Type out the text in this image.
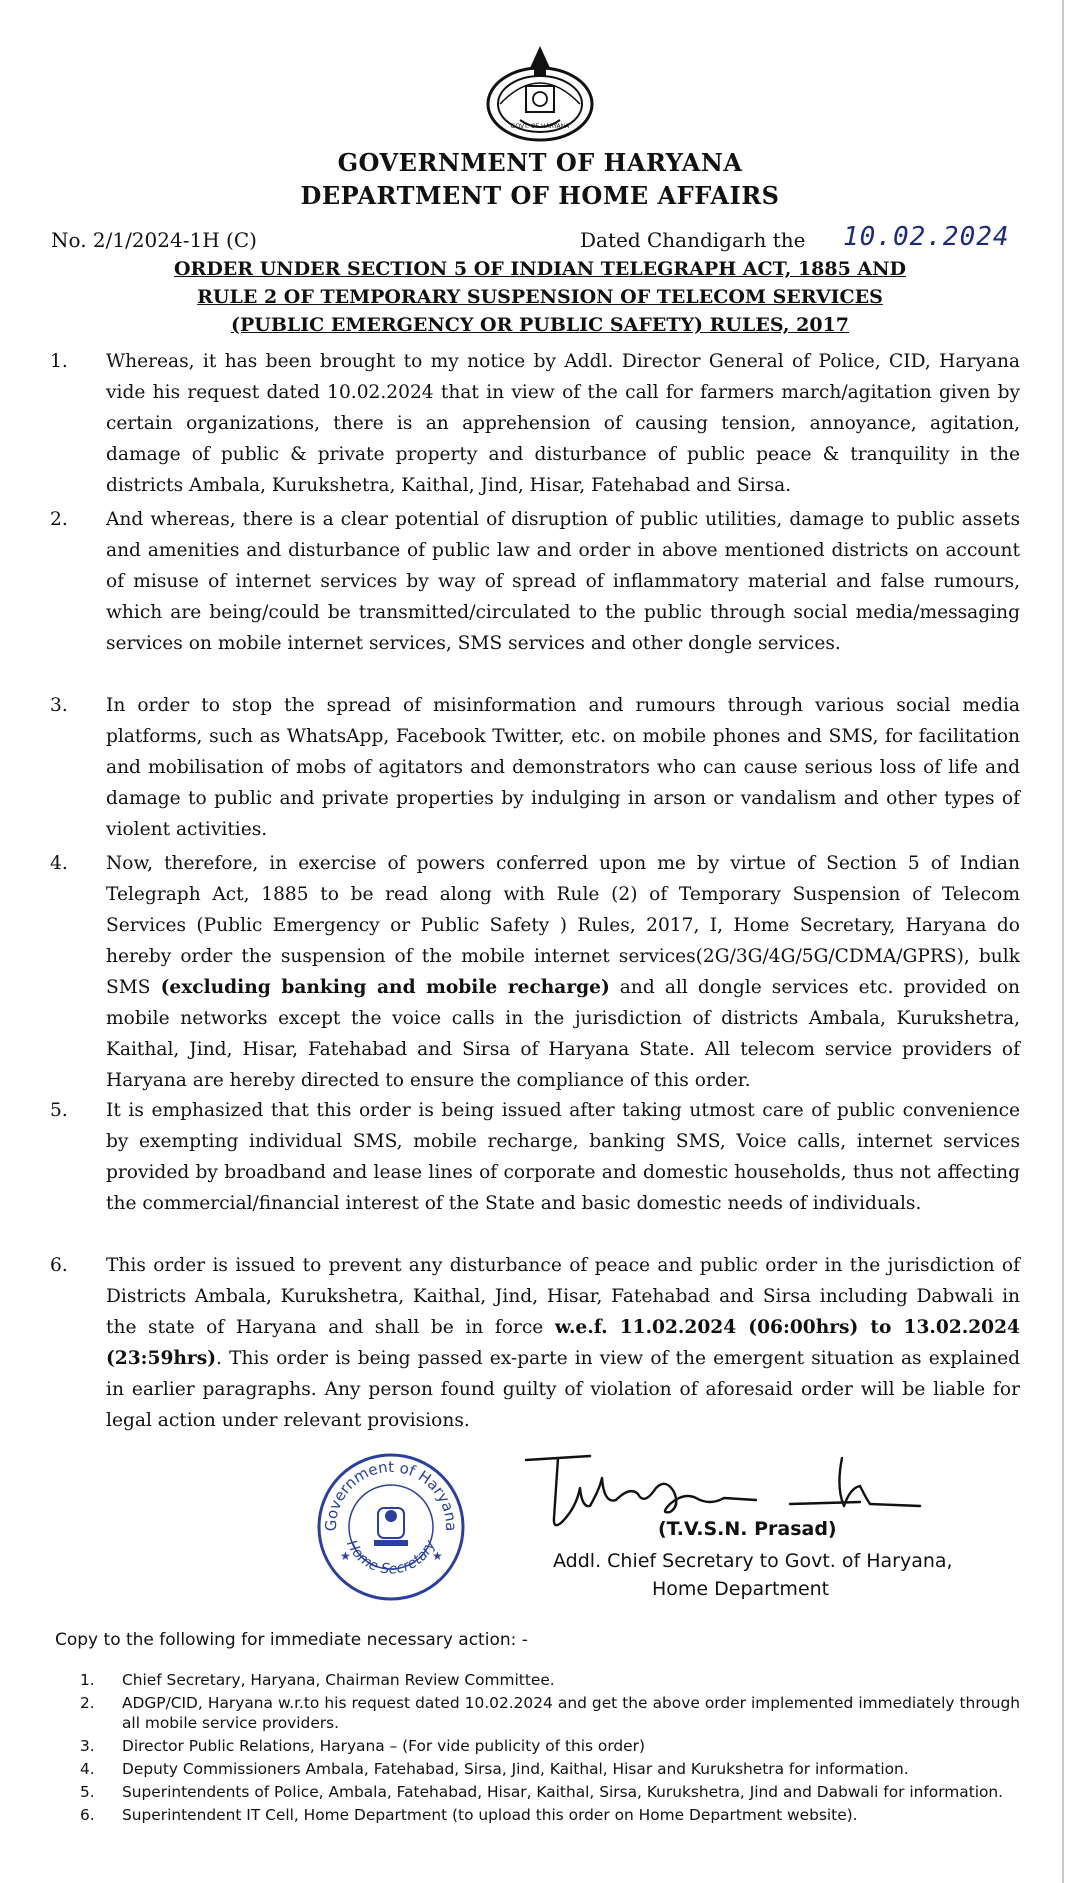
GOVT. OF HARYANA
GOVERNMENT OF HARYANA
DEPARTMENT OF HOME AFFAIRS
No. 2/1/2024-1H (C)	Dated Chandigarh the 10.02.2024
ORDER UNDER SECTION 5 OF INDIAN TELEGRAPH ACT, 1885 AND
RULE 2 OF TEMPORARY SUSPENSION OF TELECOM SERVICES
(PUBLIC EMERGENCY OR PUBLIC SAFETY) RULES, 2017
1.	Whereas, it has been brought to my notice by Addl. Director General of Police, CID, Haryana vide his request dated 10.02.2024 that in view of the call for farmers march/agitation given by certain organizations, there is an apprehension of causing tension, annoyance, agitation, damage of public & private property and disturbance of public peace & tranquility in the districts Ambala, Kurukshetra, Kaithal, Jind, Hisar, Fatehabad and Sirsa.
2.	And whereas, there is a clear potential of disruption of public utilities, damage to public assets and amenities and disturbance of public law and order in above mentioned districts on account of misuse of internet services by way of spread of inflammatory material and false rumours, which are being/could be transmitted/circulated to the public through social media/messaging services on mobile internet services, SMS services and other dongle services.
3.	In order to stop the spread of misinformation and rumours through various social media platforms, such as WhatsApp, Facebook Twitter, etc. on mobile phones and SMS, for facilitation and mobilisation of mobs of agitators and demonstrators who can cause serious loss of life and damage to public and private properties by indulging in arson or vandalism and other types of violent activities.
4.	Now, therefore, in exercise of powers conferred upon me by virtue of Section 5 of Indian Telegraph Act, 1885 to be read along with Rule (2) of Temporary Suspension of Telecom Services (Public Emergency or Public Safety ) Rules, 2017, I, Home Secretary, Haryana do hereby order the suspension of the mobile internet services(2G/3G/4G/5G/CDMA/GPRS), bulk SMS (excluding banking and mobile recharge) and all dongle services etc. provided on mobile networks except the voice calls in the jurisdiction of districts Ambala, Kurukshetra, Kaithal, Jind, Hisar, Fatehabad and Sirsa of Haryana State. All telecom service providers of Haryana are hereby directed to ensure the compliance of this order.
5.	It is emphasized that this order is being issued after taking utmost care of public convenience by exempting individual SMS, mobile recharge, banking SMS, Voice calls, internet services provided by broadband and lease lines of corporate and domestic households, thus not affecting the commercial/financial interest of the State and basic domestic needs of individuals.
6.	This order is issued to prevent any disturbance of peace and public order in the jurisdiction of Districts Ambala, Kurukshetra, Kaithal, Jind, Hisar, Fatehabad and Sirsa including Dabwali in the state of Haryana and shall be in force w.e.f. 11.02.2024 (06:00hrs) to 13.02.2024 (23:59hrs). This order is being passed ex-parte in view of the emergent situation as explained in earlier paragraphs. Any person found guilty of violation of aforesaid order will be liable for legal action under relevant provisions.
Government of Haryana
Home Secretary
★	★
(T.V.S.N. Prasad)
Addl. Chief Secretary to Govt. of Haryana,
Home Department
Copy to the following for immediate necessary action: -
1.	Chief Secretary, Haryana, Chairman Review Committee.
2.	ADGP/CID, Haryana w.r.to his request dated 10.02.2024 and get the above order implemented immediately through all mobile service providers.
3.	Director Public Relations, Haryana – (For vide publicity of this order)
4.	Deputy Commissioners Ambala, Fatehabad, Sirsa, Jind, Kaithal, Hisar and Kurukshetra for information.
5.	Superintendents of Police, Ambala, Fatehabad, Hisar, Kaithal, Sirsa, Kurukshetra, Jind and Dabwali for information.
6.	Superintendent IT Cell, Home Department (to upload this order on Home Department website).
